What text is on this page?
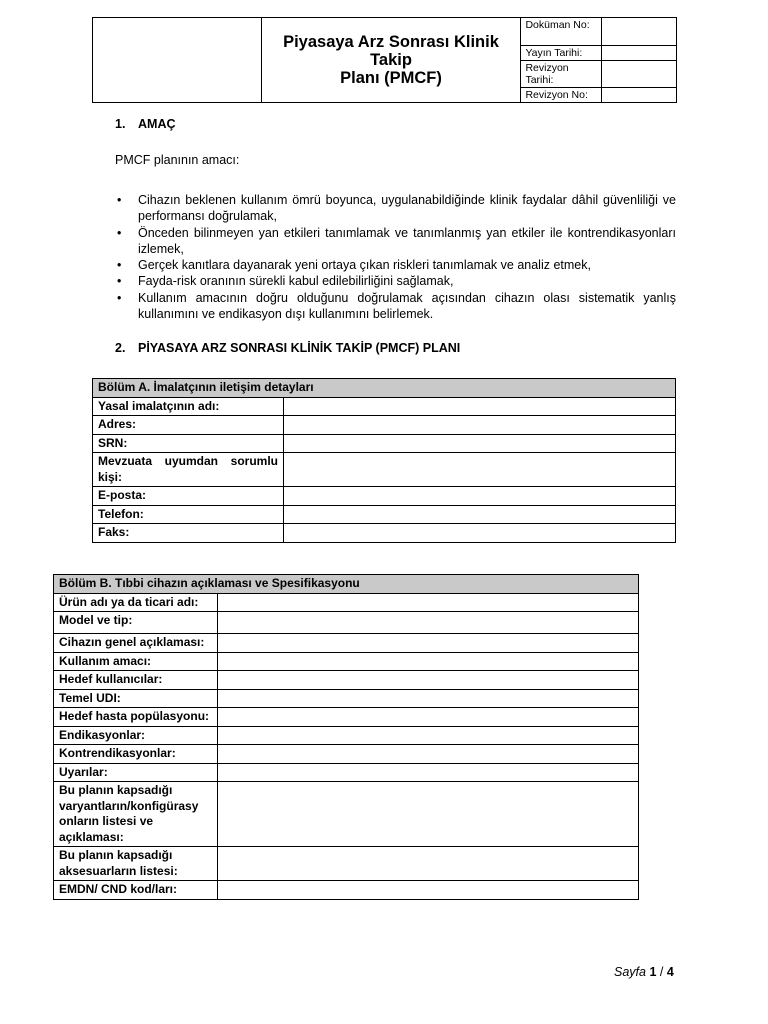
	Piyasaya Arz Sonrası Klinik
Takip
Planı (PMCF)	Doküman No:	
		Yayın Tarihi:	
		Revizyon Tarihi:	
		Revizyon No:	
1. AMAÇ

PMCF planının amacı:

• Cihazın beklenen kullanım ömrü boyunca, uygulanabildiğinde klinik faydalar dâhil güvenliliği ve performansı doğrulamak,
• Önceden bilinmeyen yan etkileri tanımlamak ve tanımlanmış yan etkiler ile kontrendikasyonları izlemek,
• Gerçek kanıtlara dayanarak yeni ortaya çıkan riskleri tanımlamak ve analiz etmek,
• Fayda-risk oranının sürekli kabul edilebilirliğini sağlamak,
• Kullanım amacının doğru olduğunu doğrulamak açısından cihazın olası sistematik yanlış kullanımını ve endikasyon dışı kullanımını belirlemek.
2. PİYASAYA ARZ SONRASI KLİNİK TAKİP (PMCF) PLANI
Bölüm A. İmalatçının iletişim detayları	
Yasal imalatçının adı:	
Adres:	
SRN:	
Mevzuata uyumdan sorumlu kişi:	
E-posta:	
Telefon:	
Faks:	
Bölüm B. Tıbbi cihazın açıklaması ve Spesifikasyonu	
Ürün adı ya da ticari adı:	
Model ve tip:	
Cihazın genel açıklaması:	
Kullanım amacı:	
Hedef kullanıcılar:	
Temel UDI:	
Hedef hasta popülasyonu:	
Endikasyonlar:	
Kontrendikasyonlar:	
Uyarılar:	
Bu planın kapsadığı varyantların/konfigürasy onların listesi ve açıklaması:	
Bu planın kapsadığı aksesuarların listesi:	
EMDN/ CND kod/ları:	
Sayfa 1 / 4
